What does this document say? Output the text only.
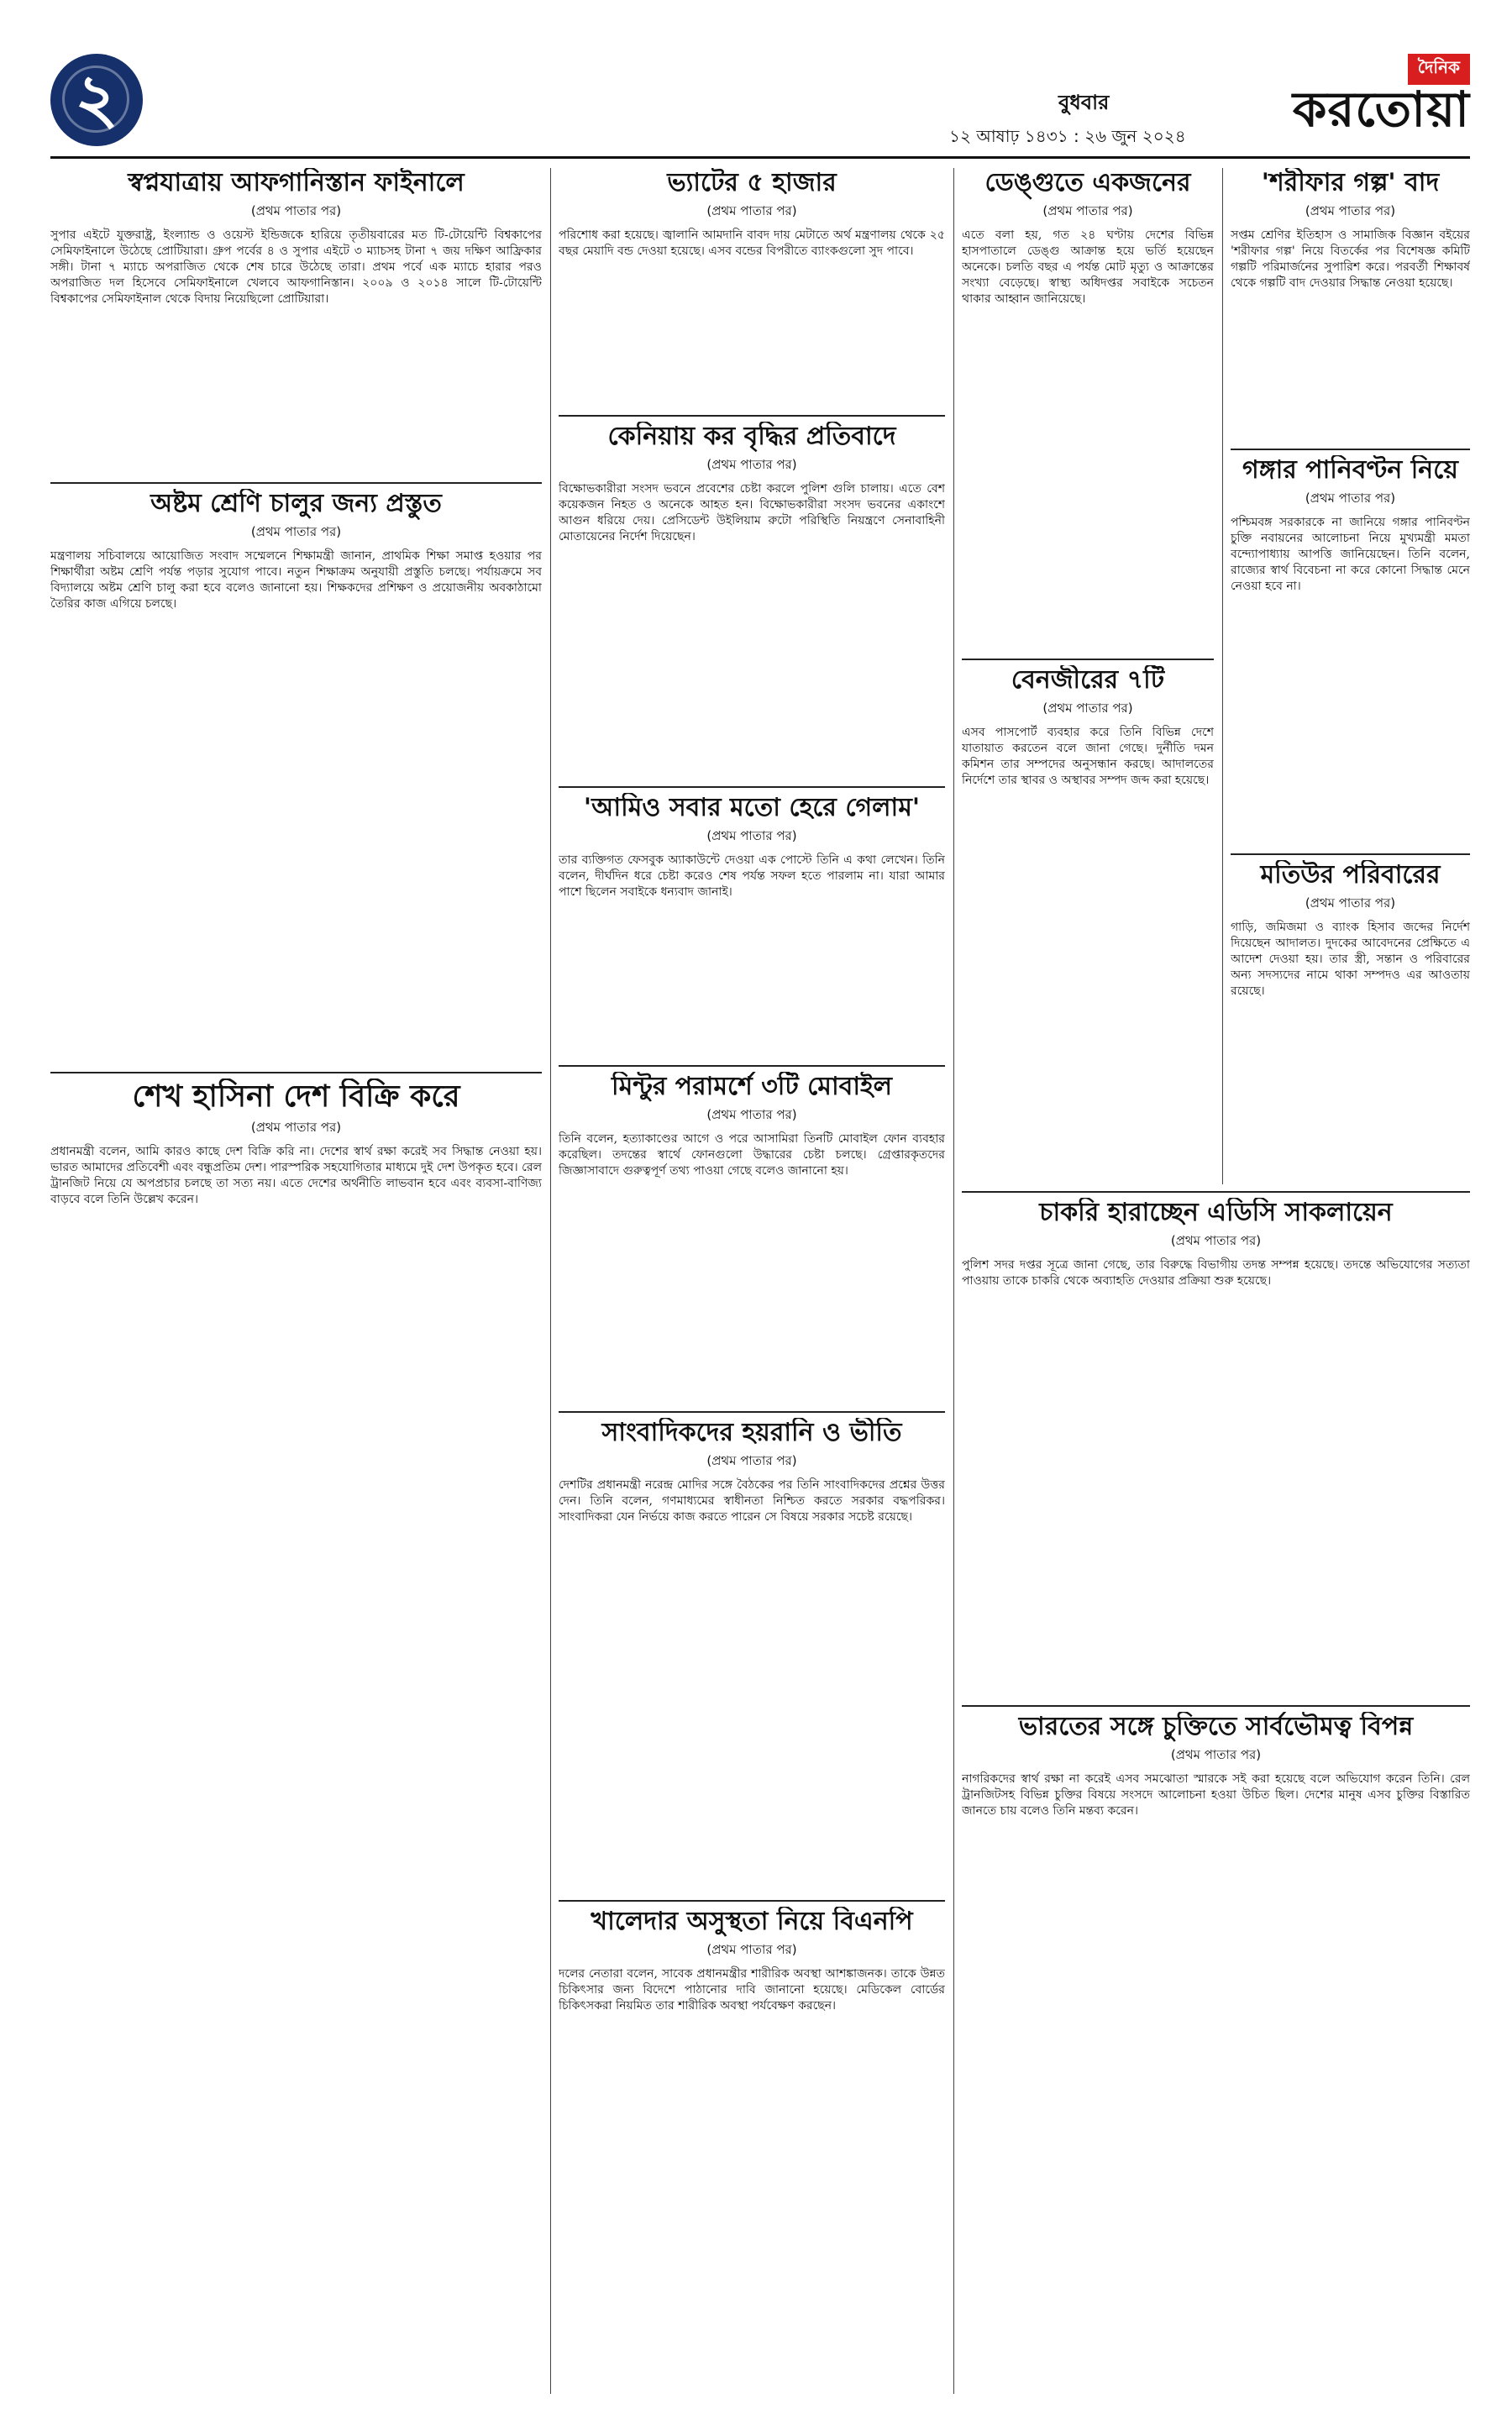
২	বুধবার
দৈনিক
করতোয়া
১২ আষাঢ় ১৪৩১ : ২৬ জুন ২০২৪
স্বপ্নযাত্রায় আফগানিস্তান ফাইনালে
(প্রথম পাতার পর)

সুপার এইটে যুক্তরাষ্ট্র, ইংল্যান্ড ও ওয়েস্ট ইন্ডিজকে হারিয়ে তৃতীয়বারের মত টি-টোয়েন্টি বিশ্বকাপের সেমিফাইনালে উঠেছে প্রোটিয়ারা। গ্রুপ পর্বের ৪ ও সুপার এইটে ৩ ম্যাচসহ টানা ৭ জয় দক্ষিণ আফ্রিকার সঙ্গী। টানা ৭ ম্যাচে অপরাজিত থেকে শেষ চারে উঠেছে তারা। প্রথম পর্বে এক ম্যাচে হারার পরও অপরাজিত দল হিসেবে সেমিফাইনালে খেলবে আফগানিস্তান। ২০০৯ ও ২০১৪ সালে টি-টোয়েন্টি বিশ্বকাপের সেমিফাইনাল থেকে বিদায় নিয়েছিলো প্রোটিয়ারা।

অষ্টম শ্রেণি চালুর জন্য প্রস্তুত
(প্রথম পাতার পর)

মন্ত্রণালয় সচিবালয়ে আয়োজিত সংবাদ সম্মেলনে শিক্ষামন্ত্রী জানান, প্রাথমিক শিক্ষা সমাপ্ত হওয়ার পর শিক্ষার্থীরা অষ্টম শ্রেণি পর্যন্ত পড়ার সুযোগ পাবে। নতুন শিক্ষাক্রম অনুযায়ী প্রস্তুতি চলছে। পর্যায়ক্রমে সব বিদ্যালয়ে অষ্টম শ্রেণি চালু করা হবে বলেও জানানো হয়। শিক্ষকদের প্রশিক্ষণ ও প্রয়োজনীয় অবকাঠামো তৈরির কাজ এগিয়ে চলছে।

শেখ হাসিনা দেশ বিক্রি করে
(প্রথম পাতার পর)

প্রধানমন্ত্রী বলেন, আমি কারও কাছে দেশ বিক্রি করি না। দেশের স্বার্থ রক্ষা করেই সব সিদ্ধান্ত নেওয়া হয়। ভারত আমাদের প্রতিবেশী এবং বন্ধুপ্রতিম দেশ। পারস্পরিক সহযোগিতার মাধ্যমে দুই দেশ উপকৃত হবে। রেল ট্রানজিট নিয়ে যে অপপ্রচার চলছে তা সত্য নয়। এতে দেশের অর্থনীতি লাভবান হবে এবং ব্যবসা-বাণিজ্য বাড়বে বলে তিনি উল্লেখ করেন।

ভ্যাটের ৫ হাজার
(প্রথম পাতার পর)

পরিশোধ করা হয়েছে। জ্বালানি আমদানি বাবদ দায় মেটাতে অর্থ মন্ত্রণালয় থেকে ২৫ বছর মেয়াদি বন্ড দেওয়া হয়েছে। এসব বন্ডের বিপরীতে ব্যাংকগুলো সুদ পাবে।

কেনিয়ায় কর বৃদ্ধির প্রতিবাদে
(প্রথম পাতার পর)

বিক্ষোভকারীরা সংসদ ভবনে প্রবেশের চেষ্টা করলে পুলিশ গুলি চালায়। এতে বেশ কয়েকজন নিহত ও অনেকে আহত হন। বিক্ষোভকারীরা সংসদ ভবনের একাংশে আগুন ধরিয়ে দেয়। প্রেসিডেন্ট উইলিয়াম রুটো পরিস্থিতি নিয়ন্ত্রণে সেনাবাহিনী মোতায়েনের নির্দেশ দিয়েছেন।

'আমিও সবার মতো হেরে গেলাম'
(প্রথম পাতার পর)

তার ব্যক্তিগত ফেসবুক অ্যাকাউন্টে দেওয়া এক পোস্টে তিনি এ কথা লেখেন। তিনি বলেন, দীর্ঘদিন ধরে চেষ্টা করেও শেষ পর্যন্ত সফল হতে পারলাম না। যারা আমার পাশে ছিলেন সবাইকে ধন্যবাদ জানাই।

মিন্টুর পরামর্শে ৩টি মোবাইল
(প্রথম পাতার পর)

তিনি বলেন, হত্যাকাণ্ডের আগে ও পরে আসামিরা তিনটি মোবাইল ফোন ব্যবহার করেছিল। তদন্তের স্বার্থে ফোনগুলো উদ্ধারের চেষ্টা চলছে। গ্রেপ্তারকৃতদের জিজ্ঞাসাবাদে গুরুত্বপূর্ণ তথ্য পাওয়া গেছে বলেও জানানো হয়।

সাংবাদিকদের হয়রানি ও ভীতি
(প্রথম পাতার পর)

দেশটির প্রধানমন্ত্রী নরেন্দ্র মোদির সঙ্গে বৈঠকের পর তিনি সাংবাদিকদের প্রশ্নের উত্তর দেন। তিনি বলেন, গণমাধ্যমের স্বাধীনতা নিশ্চিত করতে সরকার বদ্ধপরিকর। সাংবাদিকরা যেন নির্ভয়ে কাজ করতে পারেন সে বিষয়ে সরকার সচেষ্ট রয়েছে।

খালেদার অসুস্থতা নিয়ে বিএনপি
(প্রথম পাতার পর)

দলের নেতারা বলেন, সাবেক প্রধানমন্ত্রীর শারীরিক অবস্থা আশঙ্কাজনক। তাকে উন্নত চিকিৎসার জন্য বিদেশে পাঠানোর দাবি জানানো হয়েছে। মেডিকেল বোর্ডের চিকিৎসকরা নিয়মিত তার শারীরিক অবস্থা পর্যবেক্ষণ করছেন।

ডেঙ্গুতে একজনের
(প্রথম পাতার পর)

এতে বলা হয়, গত ২৪ ঘণ্টায় দেশের বিভিন্ন হাসপাতালে ডেঙ্গু আক্রান্ত হয়ে ভর্তি হয়েছেন অনেকে। চলতি বছর এ পর্যন্ত মোট মৃত্যু ও আক্রান্তের সংখ্যা বেড়েছে। স্বাস্থ্য অধিদপ্তর সবাইকে সচেতন থাকার আহ্বান জানিয়েছে।

বেনজীরের ৭টি
(প্রথম পাতার পর)

এসব পাসপোর্ট ব্যবহার করে তিনি বিভিন্ন দেশে যাতায়াত করতেন বলে জানা গেছে। দুর্নীতি দমন কমিশন তার সম্পদের অনুসন্ধান করছে। আদালতের নির্দেশে তার স্থাবর ও অস্থাবর সম্পদ জব্দ করা হয়েছে।

'শরীফার গল্প' বাদ
(প্রথম পাতার পর)

সপ্তম শ্রেণির ইতিহাস ও সামাজিক বিজ্ঞান বইয়ের 'শরীফার গল্প' নিয়ে বিতর্কের পর বিশেষজ্ঞ কমিটি গল্পটি পরিমার্জনের সুপারিশ করে। পরবর্তী শিক্ষাবর্ষ থেকে গল্পটি বাদ দেওয়ার সিদ্ধান্ত নেওয়া হয়েছে।

গঙ্গার পানিবণ্টন নিয়ে
(প্রথম পাতার পর)

পশ্চিমবঙ্গ সরকারকে না জানিয়ে গঙ্গার পানিবণ্টন চুক্তি নবায়নের আলোচনা নিয়ে মুখ্যমন্ত্রী মমতা বন্দ্যোপাধ্যায় আপত্তি জানিয়েছেন। তিনি বলেন, রাজ্যের স্বার্থ বিবেচনা না করে কোনো সিদ্ধান্ত মেনে নেওয়া হবে না।

মতিউর পরিবারের
(প্রথম পাতার পর)

গাড়ি, জমিজমা ও ব্যাংক হিসাব জব্দের নির্দেশ দিয়েছেন আদালত। দুদকের আবেদনের প্রেক্ষিতে এ আদেশ দেওয়া হয়। তার স্ত্রী, সন্তান ও পরিবারের অন্য সদস্যদের নামে থাকা সম্পদও এর আওতায় রয়েছে।

চাকরি হারাচ্ছেন এডিসি সাকলায়েন
(প্রথম পাতার পর)

পুলিশ সদর দপ্তর সূত্রে জানা গেছে, তার বিরুদ্ধে বিভাগীয় তদন্ত সম্পন্ন হয়েছে। তদন্তে অভিযোগের সত্যতা পাওয়ায় তাকে চাকরি থেকে অব্যাহতি দেওয়ার প্রক্রিয়া শুরু হয়েছে।

ভারতের সঙ্গে চুক্তিতে সার্বভৌমত্ব বিপন্ন
(প্রথম পাতার পর)

নাগরিকদের স্বার্থ রক্ষা না করেই এসব সমঝোতা স্মারকে সই করা হয়েছে বলে অভিযোগ করেন তিনি। রেল ট্রানজিটসহ বিভিন্ন চুক্তির বিষয়ে সংসদে আলোচনা হওয়া উচিত ছিল। দেশের মানুষ এসব চুক্তির বিস্তারিত জানতে চায় বলেও তিনি মন্তব্য করেন।
